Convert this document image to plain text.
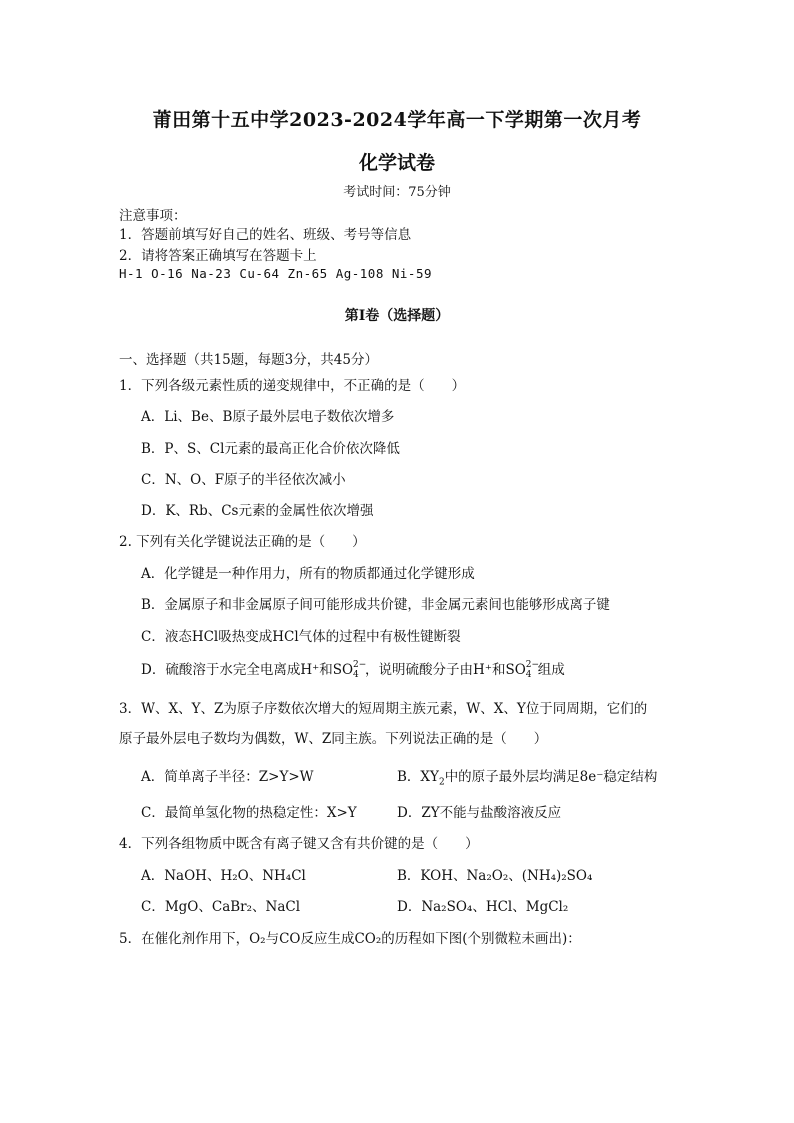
莆田第十五中学2023-2024学年高一下学期第一次月考
化学试卷
考试时间：75分钟
注意事项：
1．答题前填写好自己的姓名、班级、考号等信息
2．请将答案正确填写在答题卡上
H-1 O-16 Na-23 Cu-64 Zn-65 Ag-108 Ni-59
第I卷（选择题）
一、选择题（共15题，每题3分，共45分）
1．下列各级元素性质的递变规律中，不正确的是（　　）
A．Li、Be、B原子最外层电子数依次增多
B．P、S、Cl元素的最高正化合价依次降低
C．N、O、F原子的半径依次减小
D．K、Rb、Cs元素的金属性依次增强
2. 下列有关化学键说法正确的是（　　）
A．化学键是一种作用力，所有的物质都通过化学键形成
B．金属原子和非金属原子间可能形成共价键，非金属元素间也能够形成离子键
C．液态HCl吸热变成HCl气体的过程中有极性键断裂
D．硫酸溶于水完全电离成H⁺和SO 2−
4 ，说明硫酸分子由H⁺和SO 2−
4 组成
3．W、X、Y、Z为原子序数依次增大的短周期主族元素，W、X、Y位于同周期，它们的
原子最外层电子数均为偶数，W、Z同主族。下列说法正确的是（　　）
A．简单离子半径：Z>Y>W	B．$XY_2$中的原子最外层均满足8e⁻稳定结构
C．最简单氢化物的热稳定性：X>Y	D．ZY不能与盐酸溶液反应
4．下列各组物质中既含有离子键又含有共价键的是（　　）
A．NaOH、H₂O、NH₄Cl	B．KOH、Na₂O₂、(NH₄)₂SO₄
C．MgO、CaBr₂、NaCl	D．Na₂SO₄、HCl、MgCl₂
5．在催化剂作用下，O₂与CO反应生成CO₂的历程如下图(个别微粒未画出)：
